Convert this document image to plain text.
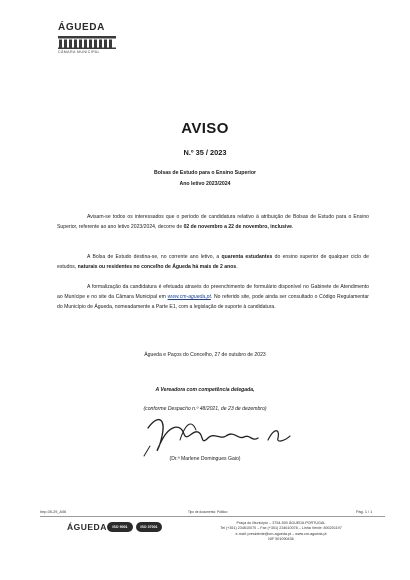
ÁGUEDA
CÂMARA MUNICIPAL
AVISO
N.º 35 / 2023
Bolsas de Estudo para o Ensino Superior
Ano letivo 2023/2024

Avisam-se todos os interessados que o período de candidatura relativo à atribuição de Bolsas de Estudo para o Ensino Superior, referente ao ano letivo 2023/2024, decorre de 02 de novembro a 22 de novembro, inclusive.

A Bolsa de Estudo destina-se, no corrente ano letivo, a quarenta estudantes do ensino superior de qualquer ciclo de estudos, naturais ou residentes no concelho de Águeda há mais de 2 anos.

A formalização da candidatura é efetuada através do preenchimento de formulário disponível no Gabinete de Atendimento ao Munícipe e no site da Câmara Municipal em www.cm-agueda.pt. No referido site, pode ainda ser consultado o Código Regulamentar do Município de Águeda, nomeadamente a Parte E1, com a legislação de suporte à candidatura.

Águeda e Paços do Concelho, 27 de outubro de 2023
A Vereadora com competência delegada,
(conforme Despacho n.º 48/2021, de 23 de dezembro)
(Dr.ª Marlene Domingues Gaio)
Imp-05-29_A06	Tipo de documento: Público	Pág. 1 / 1
ÁGUEDA	ISO 9001	ISO 37001
Praça do Município – 3754-500 ÁGUEDA PORTUGAL
Tel (+351) 234610070 – Fax (+351) 234610078 – Linha Verde: 800201197
e-mail: presidente@cm-agueda.pt – www.cm-agueda.pt
NIF 501090436
